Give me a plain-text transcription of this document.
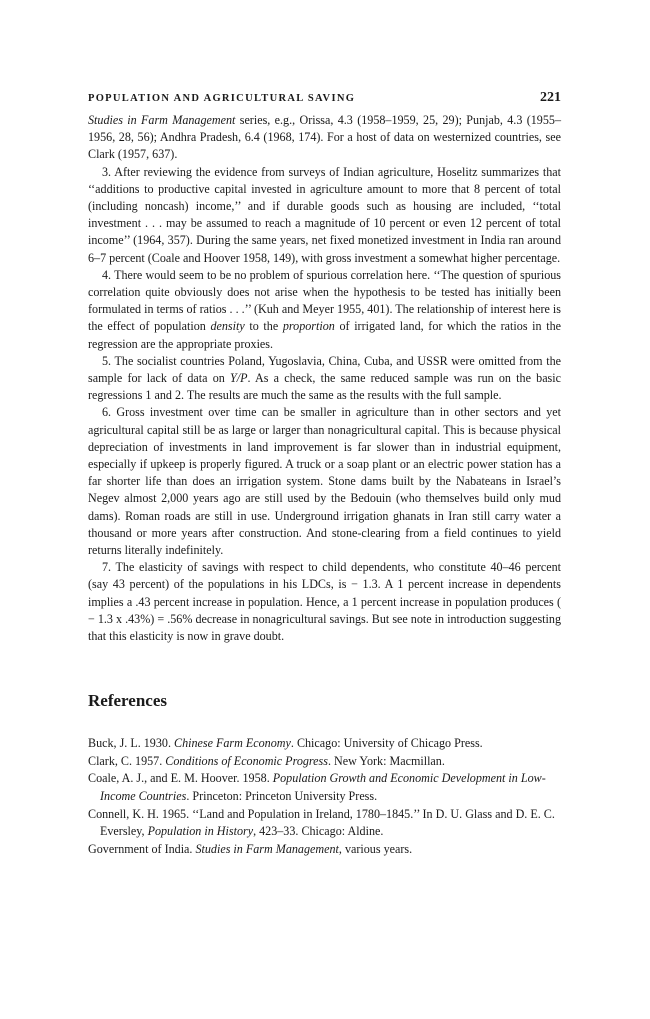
POPULATION AND AGRICULTURAL SAVING	221

Studies in Farm Management series, e.g., Orissa, 4.3 (1958–1959, 25, 29); Punjab, 4.3 (1955–1956, 28, 56); Andhra Pradesh, 6.4 (1968, 174). For a host of data on westernized countries, see Clark (1957, 637).

3. After reviewing the evidence from surveys of Indian agriculture, Hoselitz summarizes that ‘‘additions to productive capital invested in agriculture amount to more that 8 percent of total (including noncash) income,’’ and if durable goods such as housing are included, ‘‘total investment . . . may be assumed to reach a magnitude of 10 percent or even 12 percent of total income’’ (1964, 357). During the same years, net fixed monetized investment in India ran around 6–7 percent (Coale and Hoover 1958, 149), with gross investment a somewhat higher percentage.

4. There would seem to be no problem of spurious correlation here. ‘‘The question of spurious correlation quite obviously does not arise when the hypothesis to be tested has initially been formulated in terms of ratios . . .’’ (Kuh and Meyer 1955, 401). The relationship of interest here is the effect of population density to the proportion of irrigated land, for which the ratios in the regression are the appropriate proxies.

5. The socialist countries Poland, Yugoslavia, China, Cuba, and USSR were omitted from the sample for lack of data on Y/P. As a check, the same reduced sample was run on the basic regressions 1 and 2. The results are much the same as the results with the full sample.

6. Gross investment over time can be smaller in agriculture than in other sectors and yet agricultural capital still be as large or larger than nonagricultural capital. This is because physical depreciation of investments in land improvement is far slower than in industrial equipment, especially if upkeep is properly figured. A truck or a soap plant or an electric power station has a far shorter life than does an irrigation system. Stone dams built by the Nabateans in Israel’s Negev almost 2,000 years ago are still used by the Bedouin (who themselves build only mud dams). Roman roads are still in use. Underground irrigation ghanats in Iran still carry water a thousand or more years after construction. And stone-clearing from a field continues to yield returns literally indefinitely.

7. The elasticity of savings with respect to child dependents, who constitute 40–46 percent (say 43 percent) of the populations in his LDCs, is − 1.3. A 1 percent increase in dependents implies a .43 percent increase in population. Hence, a 1 percent increase in population produces ( − 1.3 x .43%) = .56% decrease in nonagricultural savings. But see note in introduction suggesting that this elasticity is now in grave doubt.

References

Buck, J. L. 1930. Chinese Farm Economy. Chicago: University of Chicago Press.

Clark, C. 1957. Conditions of Economic Progress. New York: Macmillan.

Coale, A. J., and E. M. Hoover. 1958. Population Growth and Economic Development in Low-Income Countries. Princeton: Princeton University Press.

Connell, K. H. 1965. ‘‘Land and Population in Ireland, 1780–1845.’’ In D. U. Glass and D. E. C. Eversley, Population in History, 423–33. Chicago: Aldine.

Government of India. Studies in Farm Management, various years.
